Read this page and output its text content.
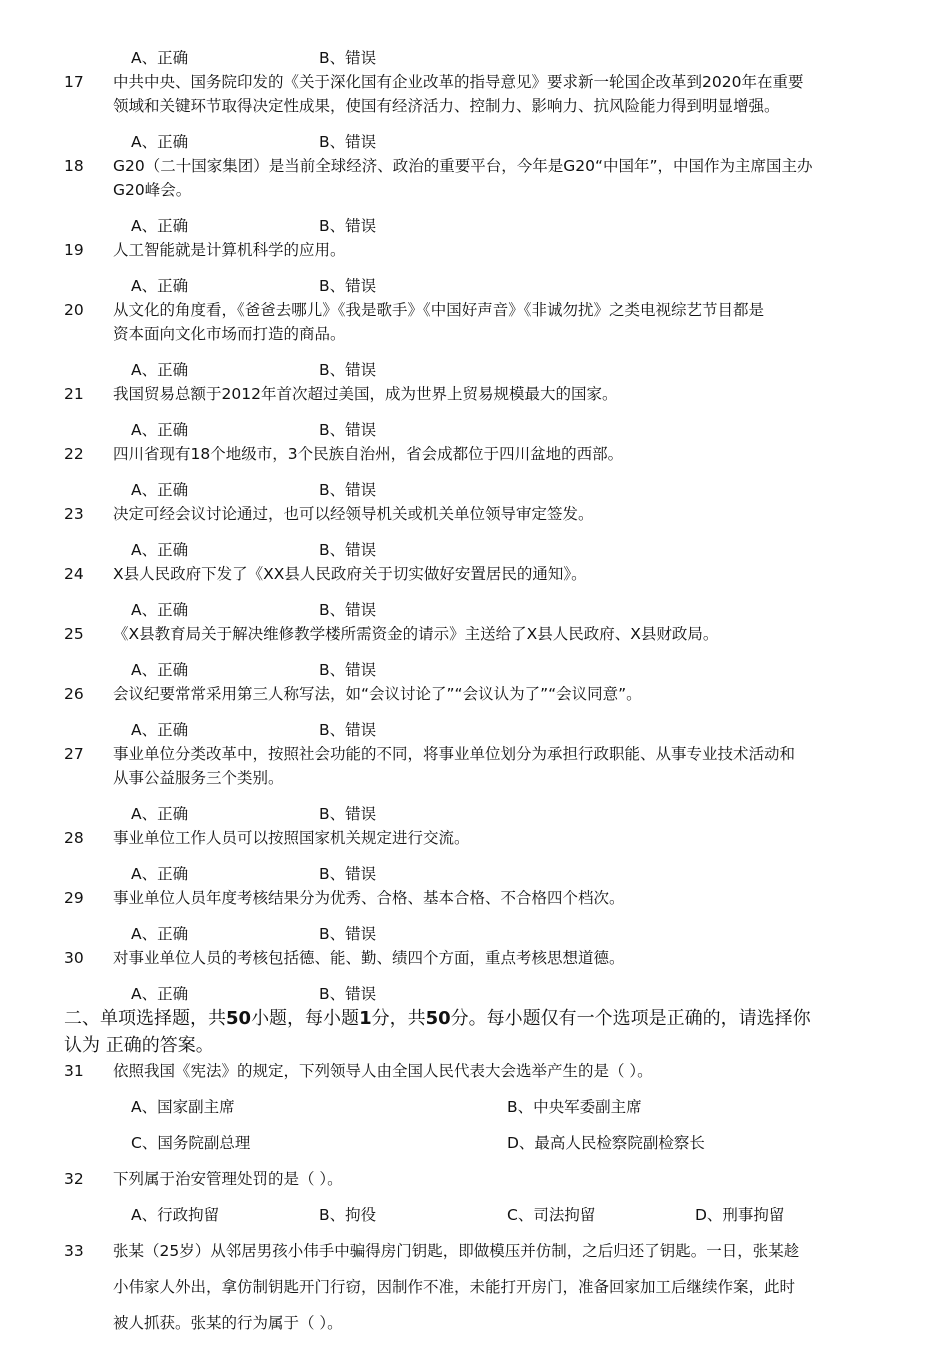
A、正确	B、错误
17 中共中央、国务院印发的《关于深化国有企业改革的指导意见》要求新一轮国企改革到2020年在重要
领域和关键环节取得决定性成果，使国有经济活力、控制力、影响力、抗风险能力得到明显增强。
A、正确	B、错误
18 G20（二十国家集团）是当前全球经济、政治的重要平台，今年是G20“中国年”，中国作为主席国主办
G20峰会。
A、正确	B、错误
19 人工智能就是计算机科学的应用。
A、正确	B、错误
20 从文化的角度看，《爸爸去哪儿》《我是歌手》《中国好声音》《非诚勿扰》之类电视综艺节目都是
资本面向文化市场而打造的商品。
A、正确	B、错误
21 我国贸易总额于2012年首次超过美国，成为世界上贸易规模最大的国家。
A、正确	B、错误
22 四川省现有18个地级市，3个民族自治州，省会成都位于四川盆地的西部。
A、正确	B、错误
23 决定可经会议讨论通过，也可以经领导机关或机关单位领导审定签发。
A、正确	B、错误
24 X县人民政府下发了《XX县人民政府关于切实做好安置居民的通知》。
A、正确	B、错误
25 《X县教育局关于解决维修教学楼所需资金的请示》主送给了X县人民政府、X县财政局。
A、正确	B、错误
26 会议纪要常常采用第三人称写法，如“会议讨论了”“会议认为了”“会议同意”。
A、正确	B、错误
27 事业单位分类改革中，按照社会功能的不同，将事业单位划分为承担行政职能、从事专业技术活动和
从事公益服务三个类别。
A、正确	B、错误
28 事业单位工作人员可以按照国家机关规定进行交流。
A、正确	B、错误
29 事业单位人员年度考核结果分为优秀、合格、基本合格、不合格四个档次。
A、正确	B、错误
30 对事业单位人员的考核包括德、能、勤、绩四个方面，重点考核思想道德。
A、正确	B、错误
二、单项选择题，共50小题，每小题1分，共50分。每小题仅有一个选项是正确的，请选择你
认为 正确的答案。
31 依照我国《宪法》的规定，下列领导人由全国人民代表大会选举产生的是（ ）。
A、国家副主席	B、中央军委副主席
C、国务院副总理	D、最高人民检察院副检察长
32 下列属于治安管理处罚的是（ ）。
A、行政拘留	B、拘役	C、司法拘留	D、刑事拘留
33 张某（25岁）从邻居男孩小伟手中骗得房门钥匙，即做模压并仿制，之后归还了钥匙。一日，张某趁
小伟家人外出，拿仿制钥匙开门行窃，因制作不准，未能打开房门，准备回家加工后继续作案，此时
被人抓获。张某的行为属于（ ）。
